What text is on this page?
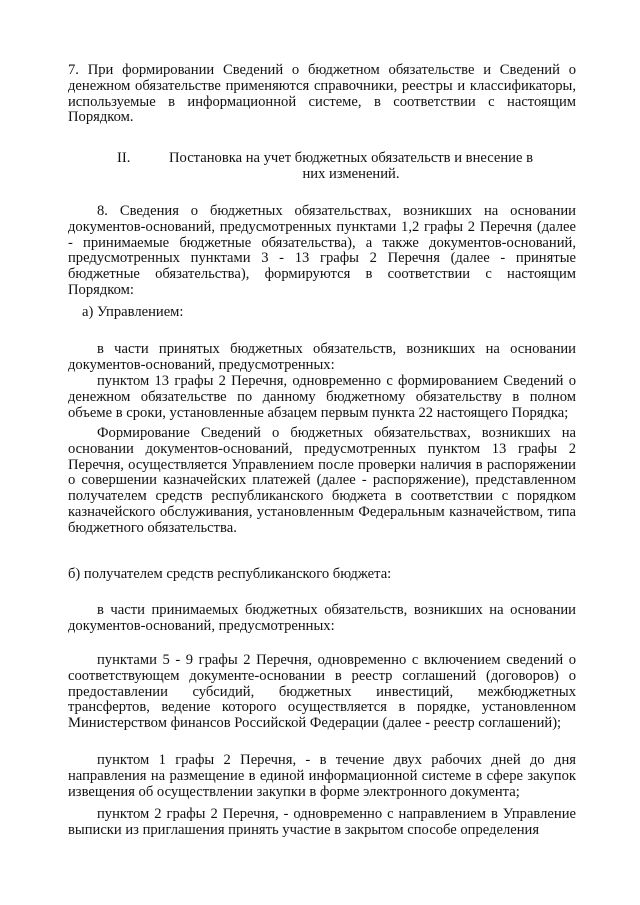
7. При формировании Сведений о бюджетном обязательстве и Сведений о денежном обязательстве применяются справочники, реестры и классификаторы, используемые в информационной системе, в соответствии с настоящим Порядком.

II.	Постановка на учет бюджетных обязательств и внесение в них изменений.

8. Сведения о бюджетных обязательствах, возникших на основании документов-оснований, предусмотренных пунктами 1,2 графы 2 Перечня (далее - принимаемые бюджетные обязательства), а также документов-оснований, предусмотренных пунктами 3 - 13 графы 2 Перечня (далее - принятые бюджетные обязательства), формируются в соответствии с настоящим Порядком:

а) Управлением:

в части принятых бюджетных обязательств, возникших на основании документов-оснований, предусмотренных:

пунктом 13 графы 2 Перечня, одновременно с формированием Сведений о денежном обязательстве по данному бюджетному обязательству в полном объеме в сроки, установленные абзацем первым пункта 22 настоящего Порядка;

Формирование Сведений о бюджетных обязательствах, возникших на основании документов-оснований, предусмотренных пунктом 13 графы 2 Перечня, осуществляется Управлением после проверки наличия в распоряжении о совершении казначейских платежей (далее - распоряжение), представленном получателем средств республиканского бюджета в соответствии с порядком казначейского обслуживания, установленным Федеральным казначейством, типа бюджетного обязательства.

б) получателем средств республиканского бюджета:

в части принимаемых бюджетных обязательств, возникших на основании документов-оснований, предусмотренных:

пунктами 5 - 9 графы 2 Перечня, одновременно с включением сведений о соответствующем документе-основании в реестр соглашений (договоров) о предоставлении субсидий, бюджетных инвестиций, межбюджетных трансфертов, ведение которого осуществляется в порядке, установленном Министерством финансов Российской Федерации (далее - реестр соглашений);

пунктом 1 графы 2 Перечня, - в течение двух рабочих дней до дня направления на размещение в единой информационной системе в сфере закупок извещения об осуществлении закупки в форме электронного документа;

пунктом 2 графы 2 Перечня, - одновременно с направлением в Управление выписки из приглашения принять участие в закрытом способе определения
